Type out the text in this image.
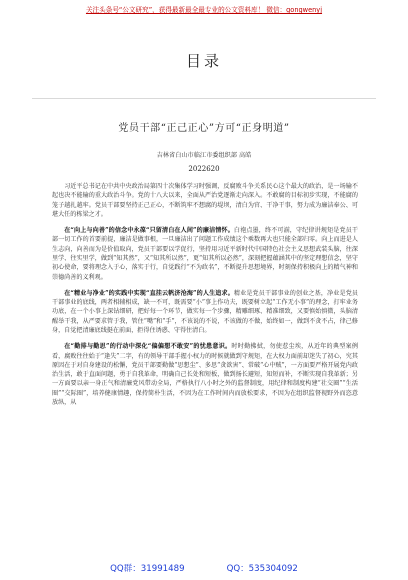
关注头条号“公文研究”，获得最新最全最专业的公文资料库！ 微信：gongwenyj
目录
党员干部“正己正心”方可“正身明道”
吉林省白山市临江市委组织部 高皓
2022620

习近平总书记在中共中央政治局第四十次集体学习时强调，反腐败斗争关系民心这个最大的政治，是一场输不起也决不能输的重大政治斗争。党的十八大以来，全面从严治党逐渐走向深入。不敢腐的目标初步实现，不能腐的笼子越扎越牢。党员干部要坚持正己正心，不断筑牢不想腐的堤坝，清白为官、干净干事，努力成为廉洁奉公、可堪大任的栋梁之才。

在“向上与向善”的信念中永葆“只留清白在人间”的廉洁情怀。白袍点墨，终不可湔，守纪律讲规矩是党员干部一切工作的首要前提，廉洁是做事根，一旦廉洁出了问题工作成绩这个乘数再大也只能全部归零。向上而进是人生志向，向善而为是价值取向，党员干部要以学促行，坚持用习近平新时代中国特色社会主义思想武装头脑，往深里学、往实里学，做到“知其然”，又“知其所以然”，更“知其所以必然”，深刻把握蕴涵其中的坚定理想信念，坚守初心使命，要将理念入于心，落实于行，自觉践行“不为政名”，不断提升思想境界，时刻保持积极向上的精气神和崇德尚善的义利观。

在“精业与净业”的实践中实现“直挂云帆济沧海”的人生追求。精业是党员干部事业的创业之基，净业是党员干部事业的底线，两者相辅相成，缺一不可，既需要“小”事上作功夫，既要树立起“工作无小事”的理念，打牢业务功底，在一个小事上深钻细研，把好每一个环节，做实每一个步骤，精雕细琢、精准细致，又要慎始慎微，头脑清醒举干我，从严要求管于我，管住“嘴”和“手”，不该说的不说，不该做的不做，始终如一，做到不贪不占，律己修身，自觉把清廉底线挺在前面，拒得住诱惑、守得住清白。

在“勤排与勤思”的行动中深化“偏偏想不敢安”的忧患意识。时时勤拂拭，勿使惹尘埃，从近年的典型案例看，腐败往往始于“逢失”二字，有的领导干部手握小权力的时候就做到守规矩，在大权力面前却迷失了初心，究其原因在于对自身建设的松懈，党员干部要勤做“思想尘”、多思“贪欲害”、常破“心中贼”，一方面要严格开展党内政治生活，敢于直面问题，勇于自我革命，明确自己长处和短板，做到扬长避短，知短而补，不断实现自我革新；另一方面要以亲一身正气和清廉党风带动全局，严格执行八小时之外的监督制度，用纪律和制度构建“社交圈”“生活圈”“交际圈”，培养健康情趣，保持简朴生活，不因为在工作时间内而放松要求，不因为在组织监督视野外而恣意放纵，从

QQ群：31991489	QQ：535304092
